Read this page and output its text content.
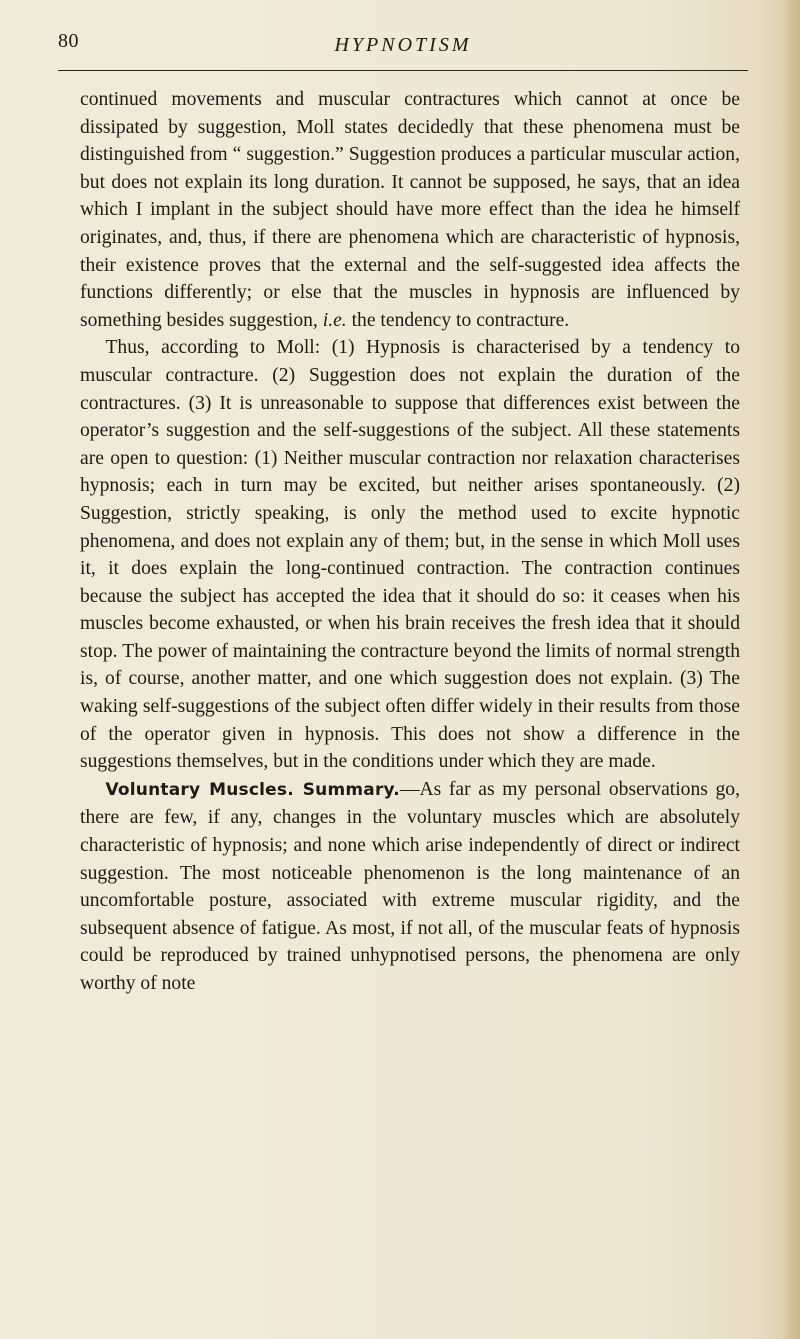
80	HYPNOTISM

continued movements and muscular contractures which cannot at once be dissipated by suggestion, Moll states decidedly that these phenomena must be distinguished from “ suggestion.” Suggestion produces a particular muscular action, but does not explain its long duration. It cannot be supposed, he says, that an idea which I implant in the subject should have more effect than the idea he himself originates, and, thus, if there are phenomena which are characteristic of hypnosis, their existence proves that the external and the self-suggested idea affects the functions differently; or else that the muscles in hypnosis are influenced by something besides suggestion, i.e. the tendency to contracture.

Thus, according to Moll: (1) Hypnosis is characterised by a tendency to muscular contracture. (2) Suggestion does not explain the duration of the contractures. (3) It is unreasonable to suppose that differences exist between the operator’s suggestion and the self-suggestions of the subject. All these statements are open to question: (1) Neither muscular contraction nor relaxation characterises hypnosis; each in turn may be excited, but neither arises spontaneously. (2) Suggestion, strictly speaking, is only the method used to excite hypnotic phenomena, and does not explain any of them; but, in the sense in which Moll uses it, it does explain the long-continued contraction. The contraction continues because the subject has accepted the idea that it should do so: it ceases when his muscles become exhausted, or when his brain receives the fresh idea that it should stop. The power of maintaining the contracture beyond the limits of normal strength is, of course, another matter, and one which suggestion does not explain. (3) The waking self-suggestions of the subject often differ widely in their results from those of the operator given in hypnosis. This does not show a difference in the suggestions themselves, but in the conditions under which they are made.

Voluntary Muscles. Summary.—As far as my personal observations go, there are few, if any, changes in the voluntary muscles which are absolutely characteristic of hypnosis; and none which arise independently of direct or indirect suggestion. The most noticeable phenomenon is the long maintenance of an uncomfortable posture, associated with extreme muscular rigidity, and the subsequent absence of fatigue. As most, if not all, of the muscular feats of hypnosis could be reproduced by trained unhypnotised persons, the phenomena are only worthy of note
